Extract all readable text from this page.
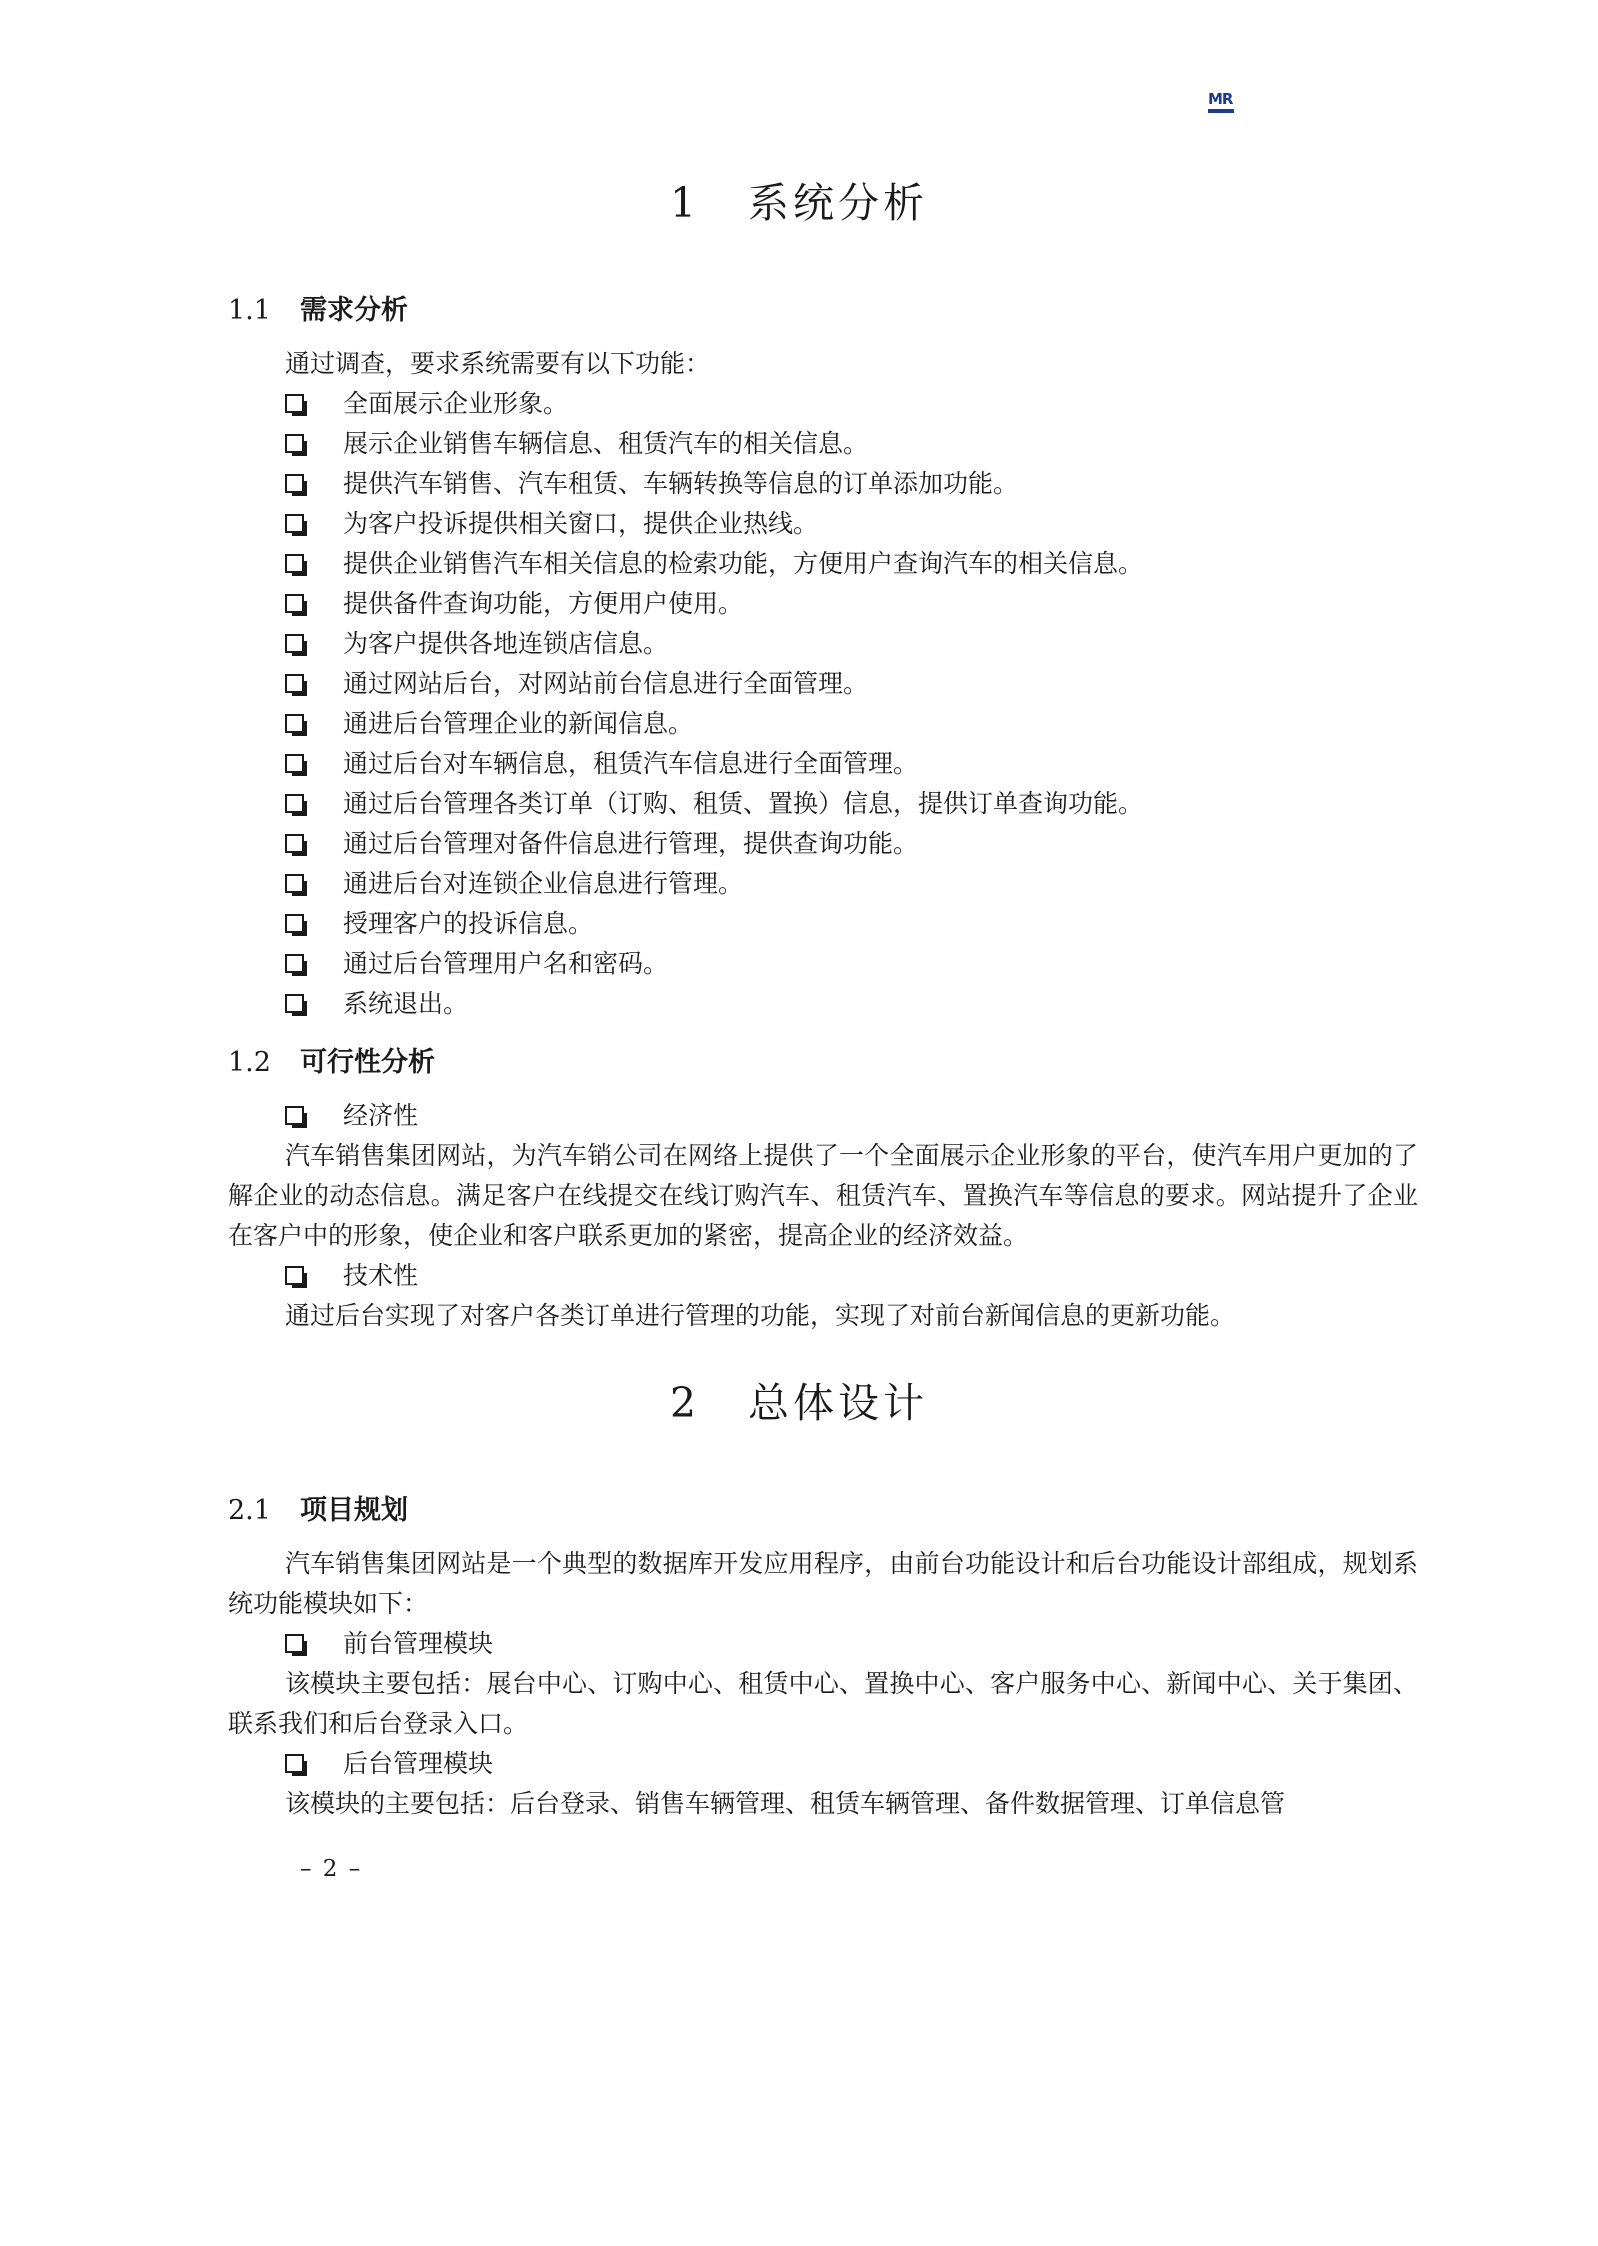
MR
1 系统分析
1.1 需求分析

通过调查，要求系统需要有以下功能：

全面展示企业形象。
展示企业销售车辆信息、租赁汽车的相关信息。
提供汽车销售、汽车租赁、车辆转换等信息的订单添加功能。
为客户投诉提供相关窗口，提供企业热线。
提供企业销售汽车相关信息的检索功能，方便用户查询汽车的相关信息。
提供备件查询功能，方便用户使用。
为客户提供各地连锁店信息。
通过网站后台，对网站前台信息进行全面管理。
通进后台管理企业的新闻信息。
通过后台对车辆信息，租赁汽车信息进行全面管理。
通过后台管理各类订单（订购、租赁、置换）信息，提供订单查询功能。
通过后台管理对备件信息进行管理，提供查询功能。
通进后台对连锁企业信息进行管理。
授理客户的投诉信息。
通过后台管理用户名和密码。
系统退出。
1.2 可行性分析
经济性

汽车销售集团网站，为汽车销公司在网络上提供了一个全面展示企业形象的平台，使汽车用户更加的了解企业的动态信息。满足客户在线提交在线订购汽车、租赁汽车、置换汽车等信息的要求。网站提升了企业在客户中的形象，使企业和客户联系更加的紧密，提高企业的经济效益。

技术性

通过后台实现了对客户各类订单进行管理的功能，实现了对前台新闻信息的更新功能。

2 总体设计
2.1 项目规划

汽车销售集团网站是一个典型的数据库开发应用程序，由前台功能设计和后台功能设计部组成，规划系统功能模块如下：

前台管理模块

该模块主要包括：展台中心、订购中心、租赁中心、置换中心、客户服务中心、新闻中心、关于集团、联系我们和后台登录入口。

后台管理模块

该模块的主要包括：后台登录、销售车辆管理、租赁车辆管理、备件数据管理、订单信息管

– 2 –
